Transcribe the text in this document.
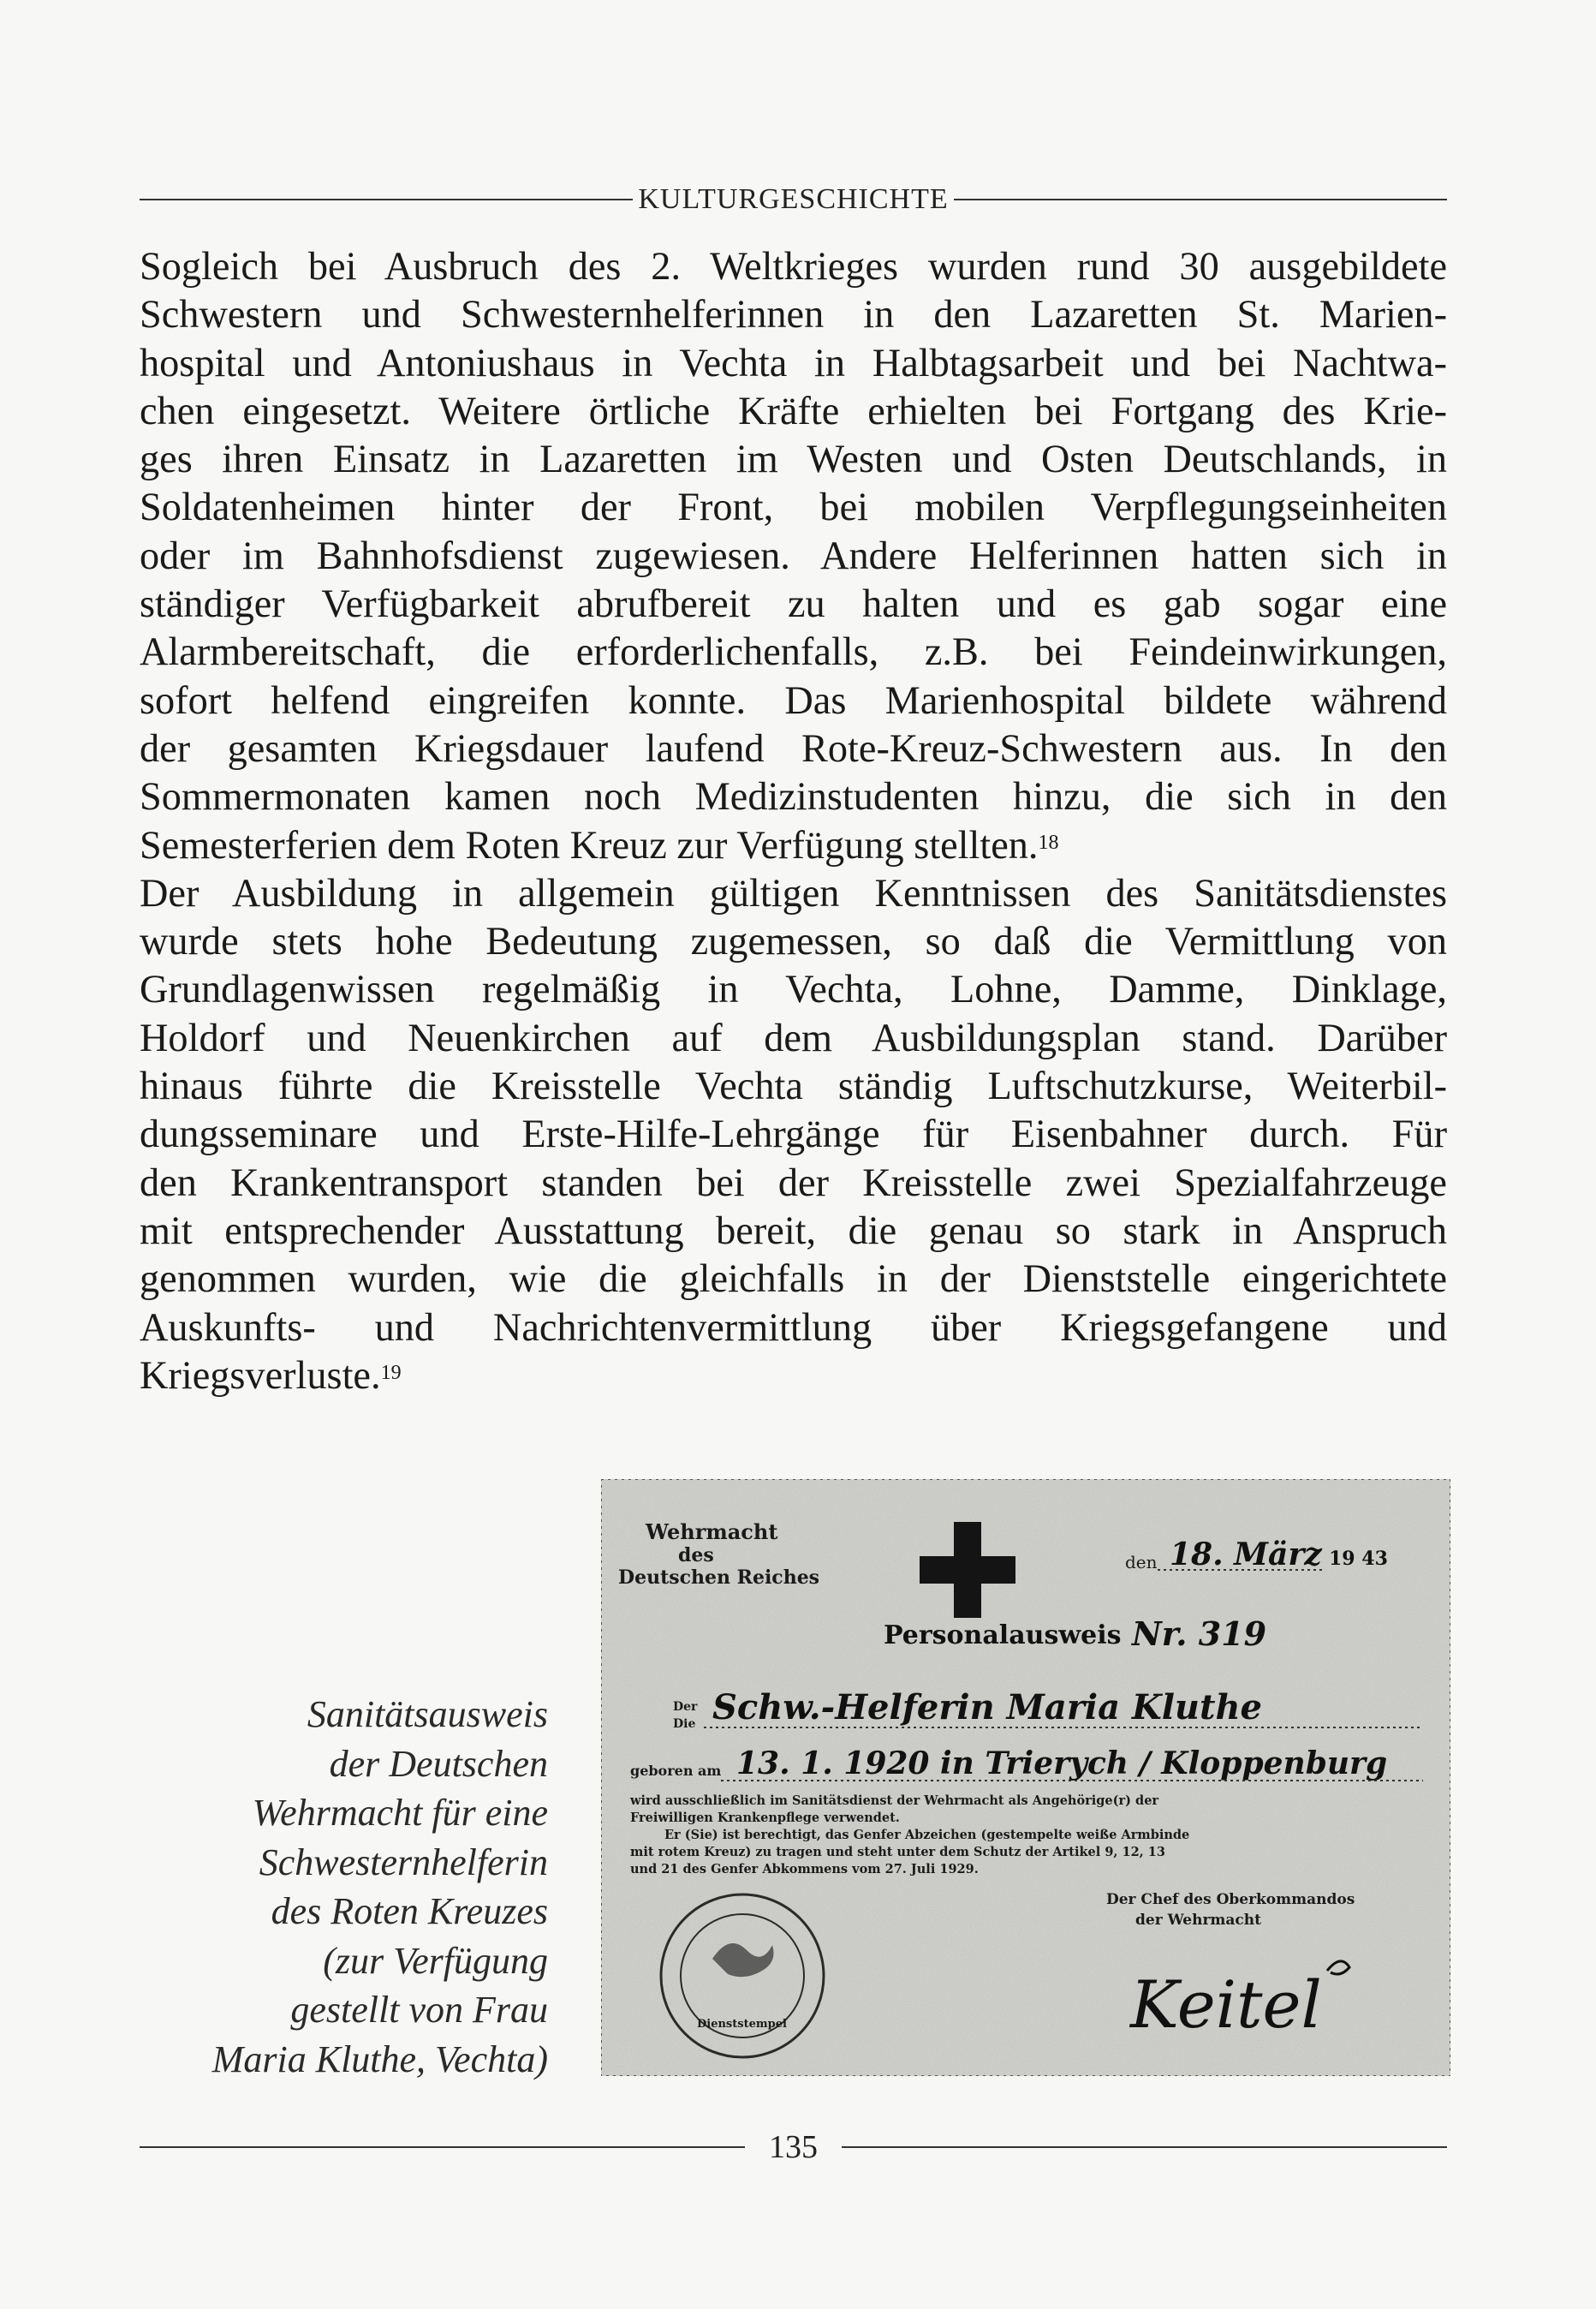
KULTURGESCHICHTE

Sogleich bei Ausbruch des 2. Weltkrieges wurden rund 30 ausgebildete
Schwestern und Schwesternhelferinnen in den Lazaretten St. Marien-
hospital und Antoniushaus in Vechta in Halbtagsarbeit und bei Nachtwa-
chen eingesetzt. Weitere örtliche Kräfte erhielten bei Fortgang des Krie-
ges ihren Einsatz in Lazaretten im Westen und Osten Deutschlands, in
Soldatenheimen hinter der Front, bei mobilen Verpflegungseinheiten
oder im Bahnhofsdienst zugewiesen. Andere Helferinnen hatten sich in
ständiger Verfügbarkeit abrufbereit zu halten und es gab sogar eine
Alarmbereitschaft, die erforderlichenfalls, z.B. bei Feindeinwirkungen,
sofort helfend eingreifen konnte. Das Marienhospital bildete während
der gesamten Kriegsdauer laufend Rote-Kreuz-Schwestern aus. In den
Sommermonaten kamen noch Medizinstudenten hinzu, die sich in den
Semesterferien dem Roten Kreuz zur Verfügung stellten.$^{18}$

Der Ausbildung in allgemein gültigen Kenntnissen des Sanitätsdienstes
wurde stets hohe Bedeutung zugemessen, so daß die Vermittlung von
Grundlagenwissen regelmäßig in Vechta, Lohne, Damme, Dinklage,
Holdorf und Neuenkirchen auf dem Ausbildungsplan stand. Darüber
hinaus führte die Kreisstelle Vechta ständig Luftschutzkurse, Weiterbil-
dungsseminare und Erste-Hilfe-Lehrgänge für Eisenbahner durch. Für
den Krankentransport standen bei der Kreisstelle zwei Spezialfahrzeuge
mit entsprechender Ausstattung bereit, die genau so stark in Anspruch
genommen wurden, wie die gleichfalls in der Dienststelle eingerichtete
Auskunfts- und Nachrichtenvermittlung über Kriegsgefangene und
Kriegsverluste.$^{19}$

Sanitätsausweis
der Deutschen
Wehrmacht für eine
Schwesternhelferin
des Roten Kreuzes
(zur Verfügung
gestellt von Frau
Maria Kluthe, Vechta)
Wehrmacht
des
Deutschen Reiches
den 18. März 19 43
Personalausweis Nr. 319
Der
Die Schw.-Helferin Maria Kluthe
geboren am 13. 1. 1920 in Trierych / Kloppenburg
wird ausschließlich im Sanitätsdienst der Wehrmacht als Angehörige(r) der
Freiwilligen Krankenpflege verwendet.
Er (Sie) ist berechtigt, das Genfer Abzeichen (gestempelte weiße Armbinde
mit rotem Kreuz) zu tragen und steht unter dem Schutz der Artikel 9, 12, 13
und 21 des Genfer Abkommens vom 27. Juli 1929.
Der Chef des Oberkommandos
der Wehrmacht
Dienststempel	Keitel
135
